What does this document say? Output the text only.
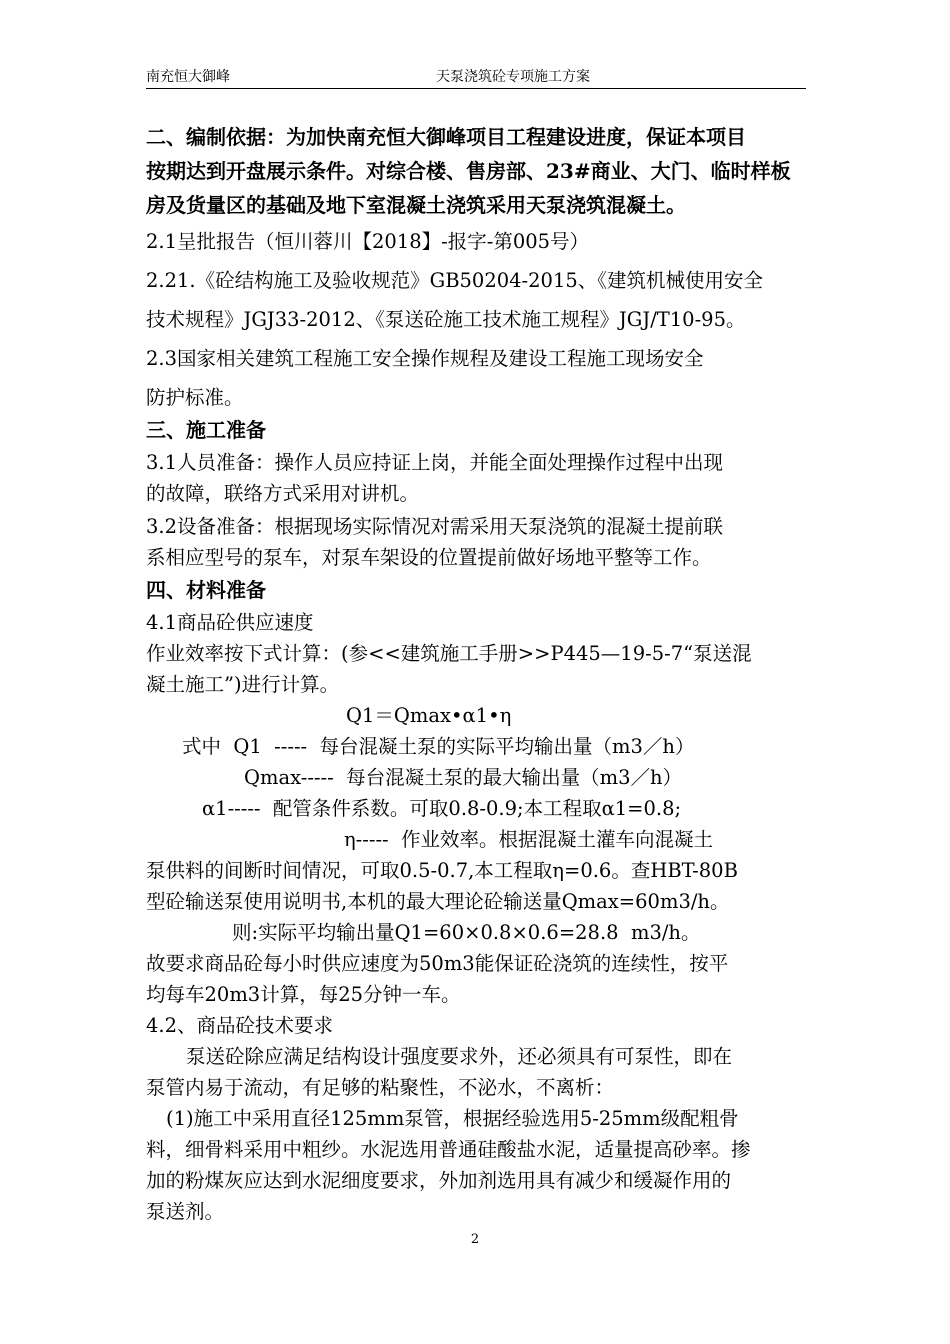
南充恒大御峰	天泵浇筑砼专项施工方案

二、编制依据：为加快南充恒大御峰项目工程建设进度，保证本项目

按期达到开盘展示条件。对综合楼、售房部、23#商业、大门、临时样板

房及货量区的基础及地下室混凝土浇筑采用天泵浇筑混凝土。

2.1呈批报告（恒川蓉川【2018】-报字-第005号）

2.21.《砼结构施工及验收规范》GB50204-2015、《建筑机械使用安全

技术规程》JGJ33-2012、《泵送砼施工技术施工规程》JGJ/T10-95。

2.3国家相关建筑工程施工安全操作规程及建设工程施工现场安全

防护标准。

三、施工准备

3.1人员准备：操作人员应持证上岗，并能全面处理操作过程中出现

的故障，联络方式采用对讲机。

3.2设备准备：根据现场实际情况对需采用天泵浇筑的混凝土提前联

系相应型号的泵车，对泵车架设的位置提前做好场地平整等工作。

四、材料准备

4.1商品砼供应速度

作业效率按下式计算：(参<<建筑施工手册>>P445—19-5-7“泵送混

凝土施工”)进行计算。

Q1＝Qmax•α1•η

式中  Q1  -----  每台混凝土泵的实际平均输出量（m3／h）

Qmax-----  每台混凝土泵的最大输出量（m3／h）

α1-----  配管条件系数。可取0.8-0.9;本工程取α1=0.8;

η-----  作业效率。根据混凝土灌车向混凝土

泵供料的间断时间情况，可取0.5-0.7,本工程取η=0.6。查HBT-80B

型砼输送泵使用说明书,本机的最大理论砼输送量Qmax=60m3/h。

则:实际平均输出量Q1=60×0.8×0.6=28.8  m3/h。

故要求商品砼每小时供应速度为50m3能保证砼浇筑的连续性，按平

均每车20m3计算，每25分钟一车。

4.2、商品砼技术要求

泵送砼除应满足结构设计强度要求外，还必须具有可泵性，即在

泵管内易于流动，有足够的粘聚性，不泌水，不离析：

(1)施工中采用直径125mm泵管，根据经验选用5-25mm级配粗骨

料，细骨料采用中粗纱。水泥选用普通硅酸盐水泥，适量提高砂率。掺

加的粉煤灰应达到水泥细度要求，外加剂选用具有减少和缓凝作用的

泵送剂。

2
